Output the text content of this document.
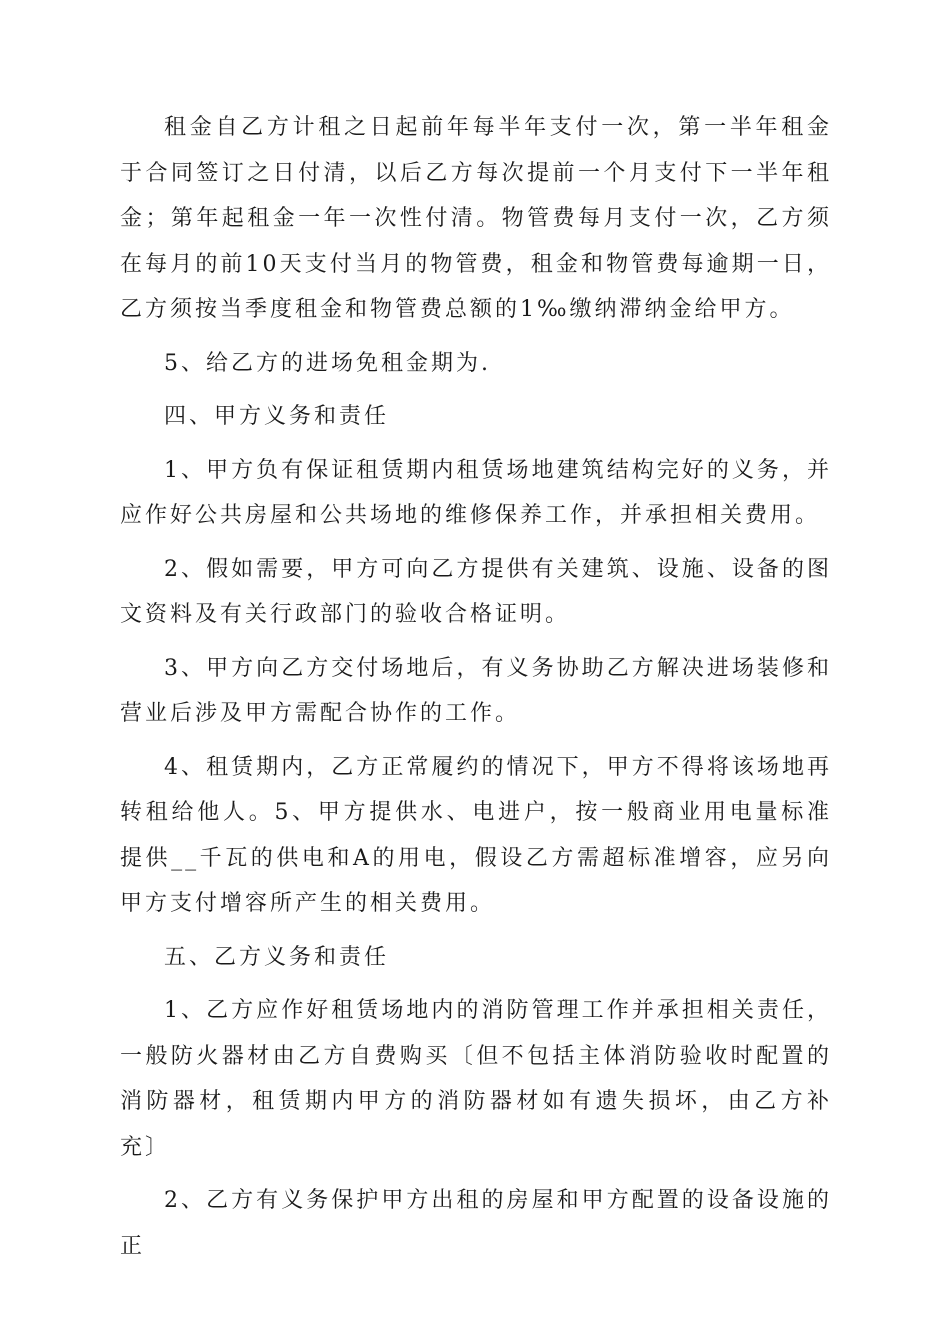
租金自乙方计租之日起前年每半年支付一次，第一半年租金于合同签订之日付清，以后乙方每次提前一个月支付下一半年租金；第年起租金一年一次性付清。物管费每月支付一次，乙方须在每月的前10天支付当月的物管费，租金和物管费每逾期一日，乙方须按当季度租金和物管费总额的1‰缴纳滞纳金给甲方。

5、给乙方的进场免租金期为.

四、甲方义务和责任

1、甲方负有保证租赁期内租赁场地建筑结构完好的义务，并应作好公共房屋和公共场地的维修保养工作，并承担相关费用。

2、假如需要，甲方可向乙方提供有关建筑、设施、设备的图文资料及有关行政部门的验收合格证明。

3、甲方向乙方交付场地后，有义务协助乙方解决进场装修和营业后涉及甲方需配合协作的工作。

4、租赁期内，乙方正常履约的情况下，甲方不得将该场地再转租给他人。5、甲方提供水、电进户，按一般商业用电量标准提供__千瓦的供电和A的用电，假设乙方需超标准增容，应另向甲方支付增容所产生的相关费用。

五、乙方义务和责任

1、乙方应作好租赁场地内的消防管理工作并承担相关责任，一般防火器材由乙方自费购买〔但不包括主体消防验收时配置的消防器材，租赁期内甲方的消防器材如有遗失损坏，由乙方补充〕

2、乙方有义务保护甲方出租的房屋和甲方配置的设备设施的正
